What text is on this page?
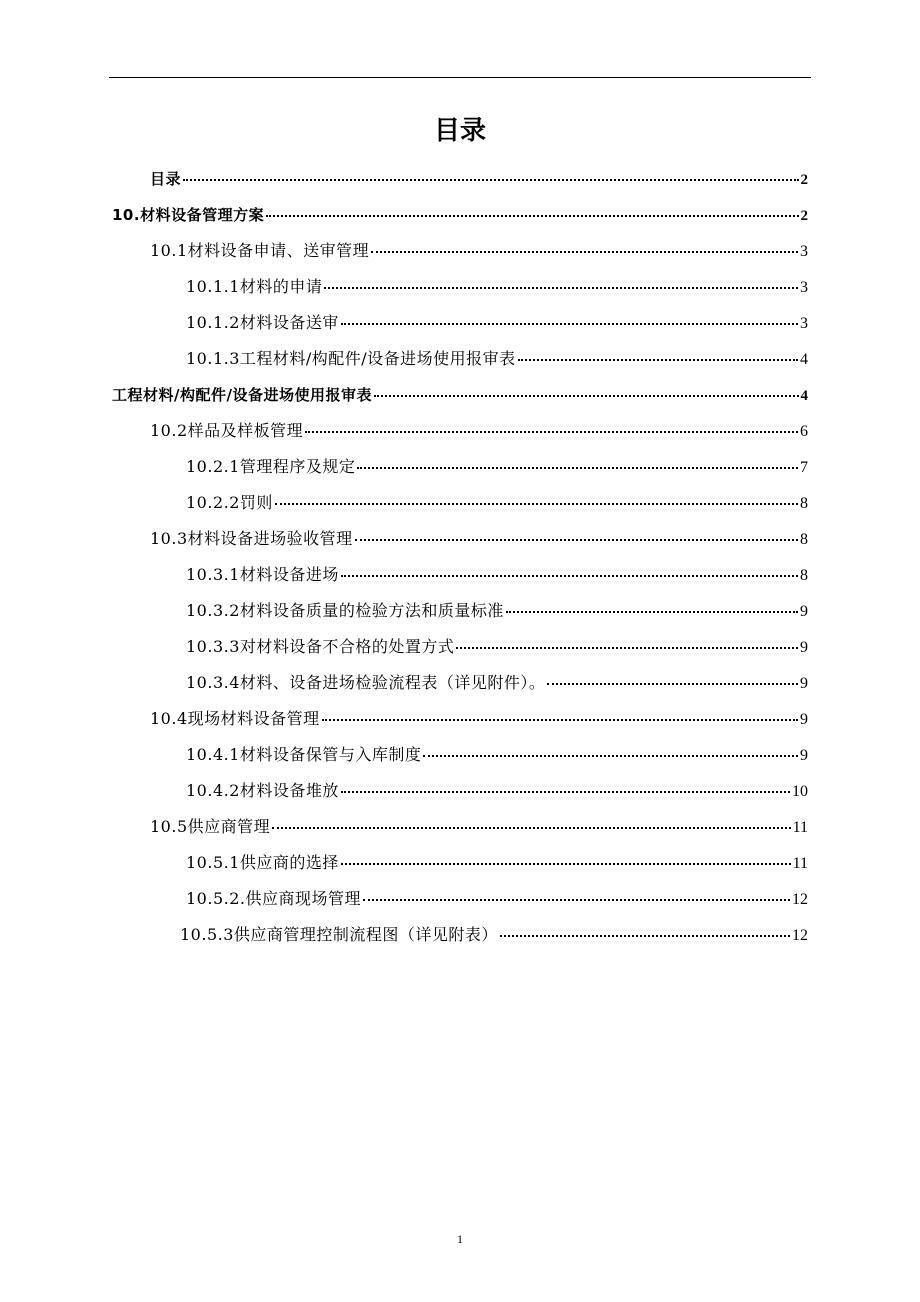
目录
目录	2
10.材料设备管理方案	2
10.1材料设备申请、送审管理	3
10.1.1材料的申请	3
10.1.2材料设备送审	3
10.1.3工程材料/构配件/设备进场使用报审表	4
工程材料/构配件/设备进场使用报审表	4
10.2样品及样板管理	6
10.2.1管理程序及规定	7
10.2.2罚则	8
10.3材料设备进场验收管理	8
10.3.1材料设备进场	8
10.3.2材料设备质量的检验方法和质量标准	9
10.3.3对材料设备不合格的处置方式	9
10.3.4材料、设备进场检验流程表（详见附件）。	9
10.4现场材料设备管理	9
10.4.1材料设备保管与入库制度	9
10.4.2材料设备堆放	10
10.5供应商管理	11
10.5.1供应商的选择	11
10.5.2.供应商现场管理	12
10.5.3供应商管理控制流程图（详见附表）	12
1
